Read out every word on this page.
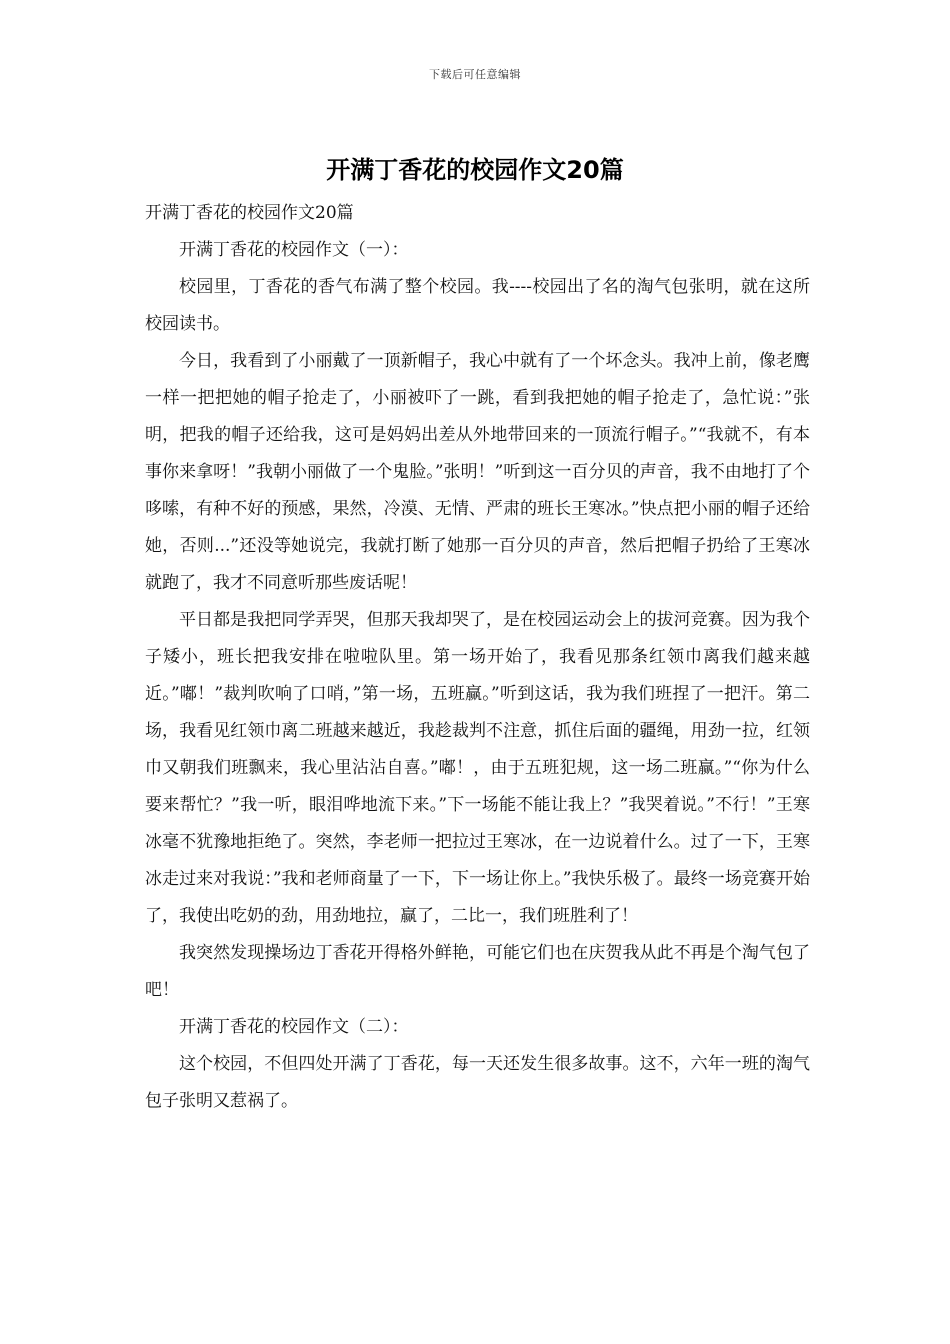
下载后可任意编辑
开满丁香花的校园作文20篇

开满丁香花的校园作文20篇

开满丁香花的校园作文（一）：

校园里，丁香花的香气布满了整个校园。我----校园出了名的淘气包张明，就在这所校园读书。

今日，我看到了小丽戴了一顶新帽子，我心中就有了一个坏念头。我冲上前，像老鹰一样一把把她的帽子抢走了，小丽被吓了一跳，看到我把她的帽子抢走了，急忙说：”张明，把我的帽子还给我，这可是妈妈出差从外地带回来的一顶流行帽子。”“我就不，有本事你来拿呀！”我朝小丽做了一个鬼脸。”张明！”听到这一百分贝的声音，我不由地打了个哆嗦，有种不好的预感，果然，冷漠、无情、严肃的班长王寒冰。”快点把小丽的帽子还给她，否则...”还没等她说完，我就打断了她那一百分贝的声音，然后把帽子扔给了王寒冰就跑了，我才不同意听那些废话呢！

平日都是我把同学弄哭，但那天我却哭了，是在校园运动会上的拔河竞赛。因为我个子矮小，班长把我安排在啦啦队里。第一场开始了，我看见那条红领巾离我们越来越近。”嘟！”裁判吹响了口哨，”第一场，五班赢。”听到这话，我为我们班捏了一把汗。第二场，我看见红领巾离二班越来越近，我趁裁判不注意，抓住后面的疆绳，用劲一拉，红领巾又朝我们班飘来，我心里沾沾自喜。”嘟！，由于五班犯规，这一场二班赢。”“你为什么要来帮忙？”我一听，眼泪哗地流下来。”下一场能不能让我上？”我哭着说。”不行！”王寒冰毫不犹豫地拒绝了。突然，李老师一把拉过王寒冰，在一边说着什么。过了一下，王寒冰走过来对我说：”我和老师商量了一下，下一场让你上。”我快乐极了。最终一场竞赛开始了，我使出吃奶的劲，用劲地拉，赢了，二比一，我们班胜利了！

我突然发现操场边丁香花开得格外鲜艳，可能它们也在庆贺我从此不再是个淘气包了吧！

开满丁香花的校园作文（二）：

这个校园，不但四处开满了丁香花，每一天还发生很多故事。这不，六年一班的淘气包子张明又惹祸了。
